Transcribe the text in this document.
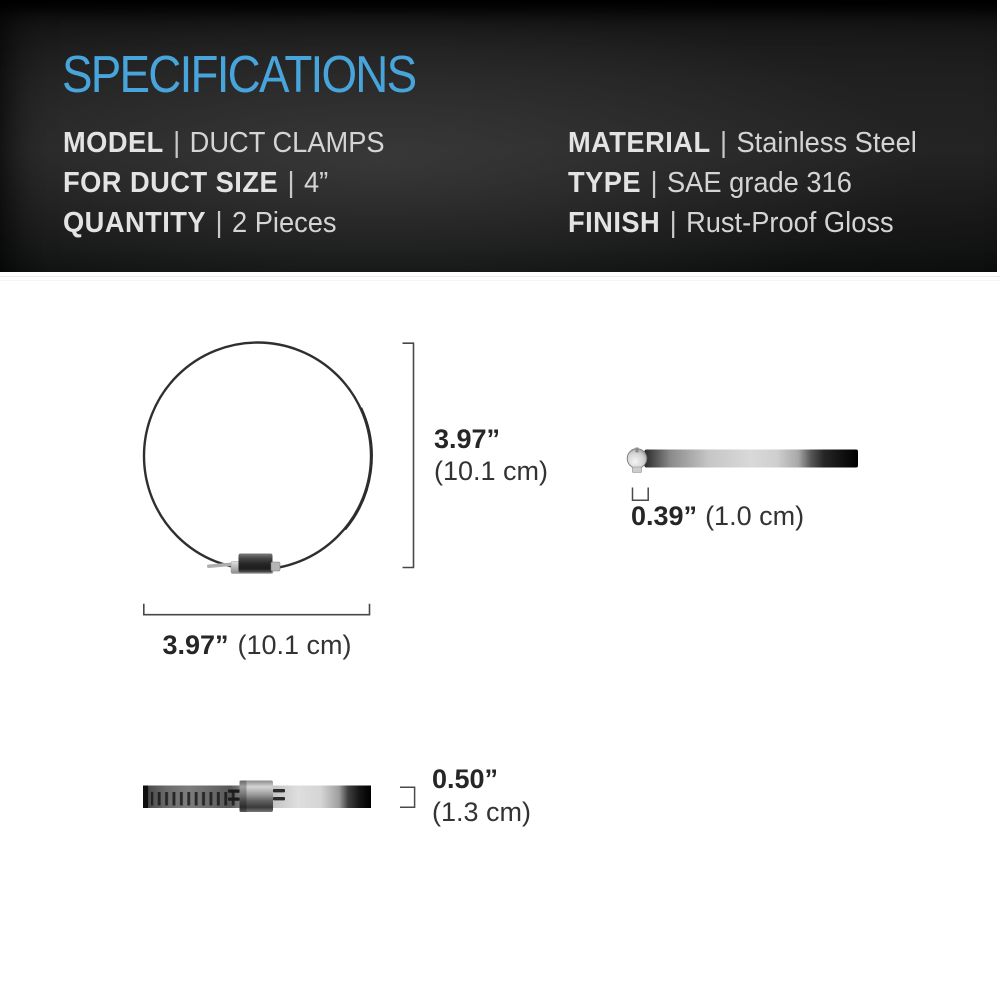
SPECIFICATIONS
MODEL | DUCT CLAMPS
FOR DUCT SIZE | 4”
QUANTITY | 2 Pieces
MATERIAL | Stainless Steel
TYPE | SAE grade 316
FINISH | Rust-Proof Gloss
3.97”
(10.1 cm)
3.97” (10.1 cm)
0.39” (1.0 cm)
0.50”
(1.3 cm)
